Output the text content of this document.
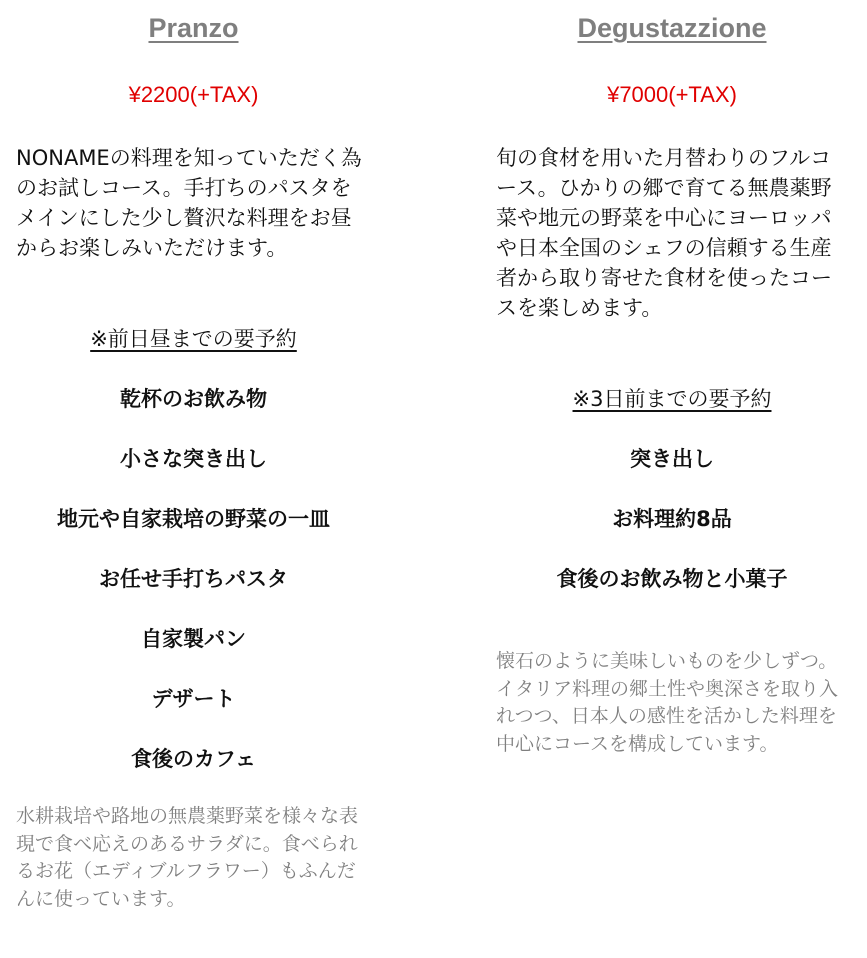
Pranzo
¥2200(+TAX)
NONAMEの料理を知っていただく為のお試しコース。手打ちのパスタをメインにした少し贅沢な料理をお昼からお楽しみいただけます。
※前日昼までの要予約
乾杯のお飲み物
小さな突き出し
地元や自家栽培の野菜の一皿
お任せ手打ちパスタ
自家製パン
デザート
食後のカフェ
水耕栽培や路地の無農薬野菜を様々な表現で食べ応えのあるサラダに。食べられるお花（エディブルフラワー）もふんだんに使っています。
Degustazzione
¥7000(+TAX)
旬の食材を用いた月替わりのフルコース。ひかりの郷で育てる無農薬野菜や地元の野菜を中心にヨーロッパや日本全国のシェフの信頼する生産者から取り寄せた食材を使ったコースを楽しめます。
※3日前までの要予約
突き出し
お料理約8品
食後のお飲み物と小菓子
懐石のように美味しいものを少しずつ。イタリア料理の郷土性や奥深さを取り入れつつ、日本人の感性を活かした料理を中心にコースを構成しています。
